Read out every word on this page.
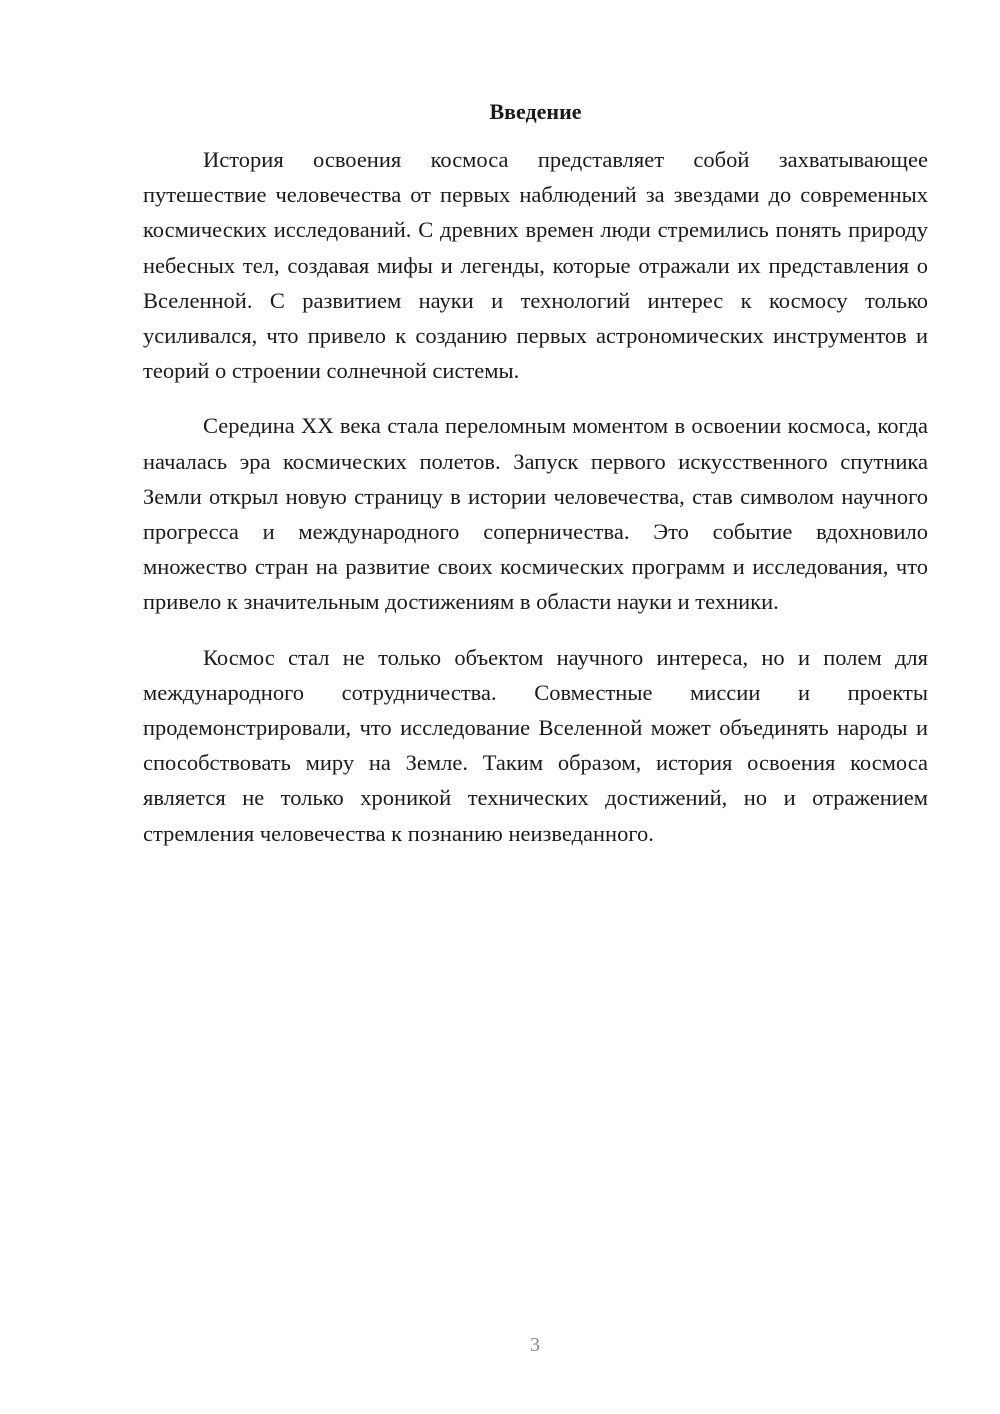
Введение

История освоения космоса представляет собой захватывающее путешествие человечества от первых наблюдений за звездами до современных космических исследований. С древних времен люди стремились понять природу небесных тел, создавая мифы и легенды, которые отражали их представления о Вселенной. С развитием науки и технологий интерес к космосу только усиливался, что привело к созданию первых астрономических инструментов и теорий о строении солнечной системы.

Середина XX века стала переломным моментом в освоении космоса, когда началась эра космических полетов. Запуск первого искусственного спутника Земли открыл новую страницу в истории человечества, став символом научного прогресса и международного соперничества. Это событие вдохновило множество стран на развитие своих космических программ и исследования, что привело к значительным достижениям в области науки и техники.

Космос стал не только объектом научного интереса, но и полем для международного сотрудничества. Совместные миссии и проекты продемонстрировали, что исследование Вселенной может объединять народы и способствовать миру на Земле. Таким образом, история освоения космоса является не только хроникой технических достижений, но и отражением стремления человечества к познанию неизведанного.

3
